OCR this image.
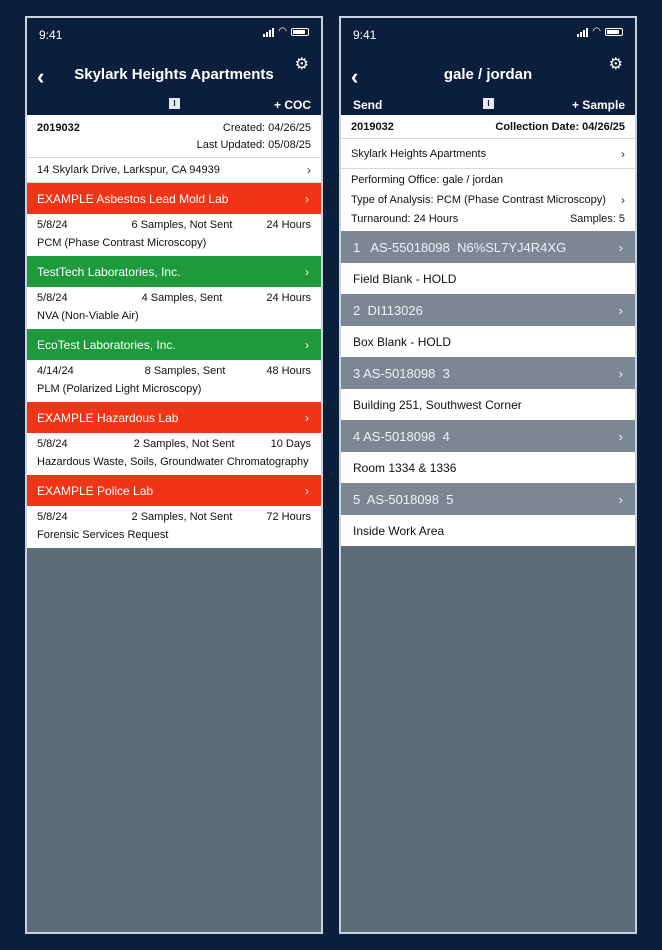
9:41	◠
⚙
‹	Skylark Heights Apartments
I	+ COC
2019032	Created: 04/26/25
Last Updated: 05/08/25
14 Skylark Drive, Larkspur, CA 94939	›
EXAMPLE Asbestos Lead Mold Lab	›
5/8/24	6 Samples, Not Sent	24 Hours
PCM (Phase Contrast Microscopy)
TestTech Laboratories, Inc.	›
5/8/24	4 Samples, Sent	24 Hours
NVA (Non-Viable Air)
EcoTest Laboratories, Inc.	›
4/14/24	8 Samples, Sent	48 Hours
PLM (Polarized Light Microscopy)
EXAMPLE Hazardous Lab	›
5/8/24	2 Samples, Not Sent	10 Days
Hazardous Waste, Soils, Groundwater Chromatography
EXAMPLE Police Lab	›
5/8/24	2 Samples, Not Sent	72 Hours
Forensic Services Request
9:41	◠
⚙
‹	gale / jordan
Send	I	+ Sample
2019032	Collection Date: 04/26/25
Skylark Heights Apartments	›
Performing Office: gale / jordan
Type of Analysis: PCM (Phase Contrast Microscopy) ›
Turnaround: 24 Hours	Samples: 5
1   AS-55018098  N6%SL7YJ4R4XG	›
Field Blank - HOLD
2  DI113026	›
Box Blank - HOLD
3 AS-5018098  3	›
Building 251, Southwest Corner
4 AS-5018098  4	›
Room 1334 & 1336
5  AS-5018098  5	›
Inside Work Area
